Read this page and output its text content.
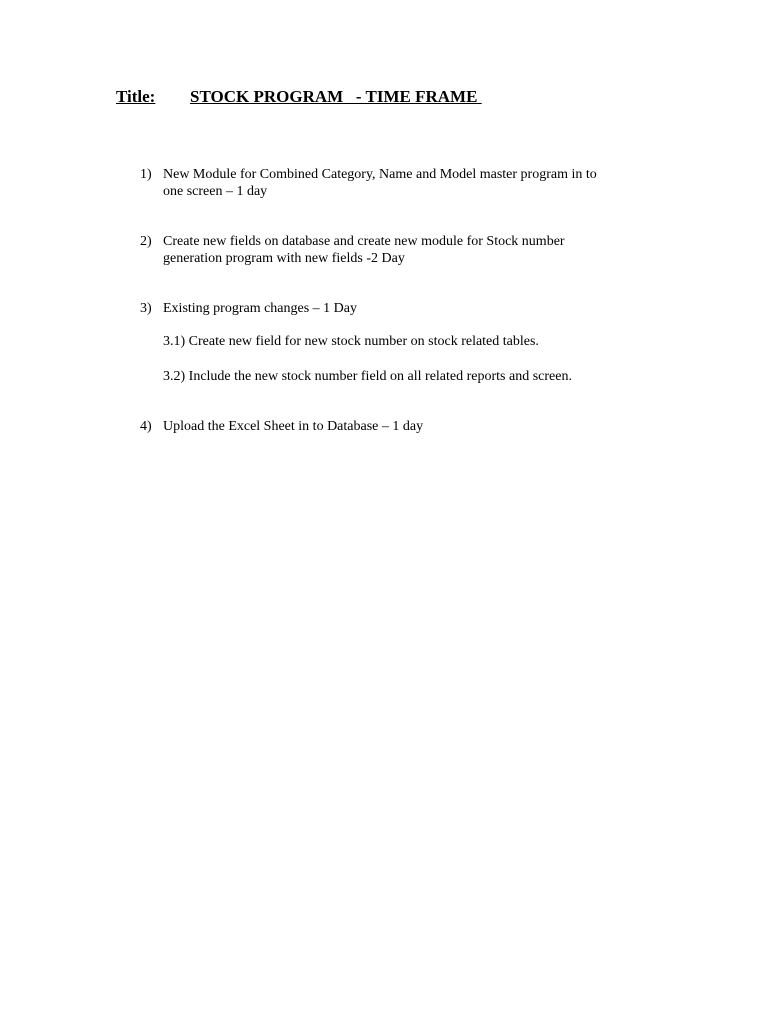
Title:

STOCK PROGRAM   - TIME FRAME

1) New Module for Combined Category, Name and Model master program in to
one screen – 1 day
2) Create new fields on database and create new module for Stock number
generation program with new fields -2 Day
3) Existing program changes – 1 Day
3.1) Create new field for new stock number on stock related tables.
3.2) Include the new stock number field on all related reports and screen.
4) Upload the Excel Sheet in to Database – 1 day
